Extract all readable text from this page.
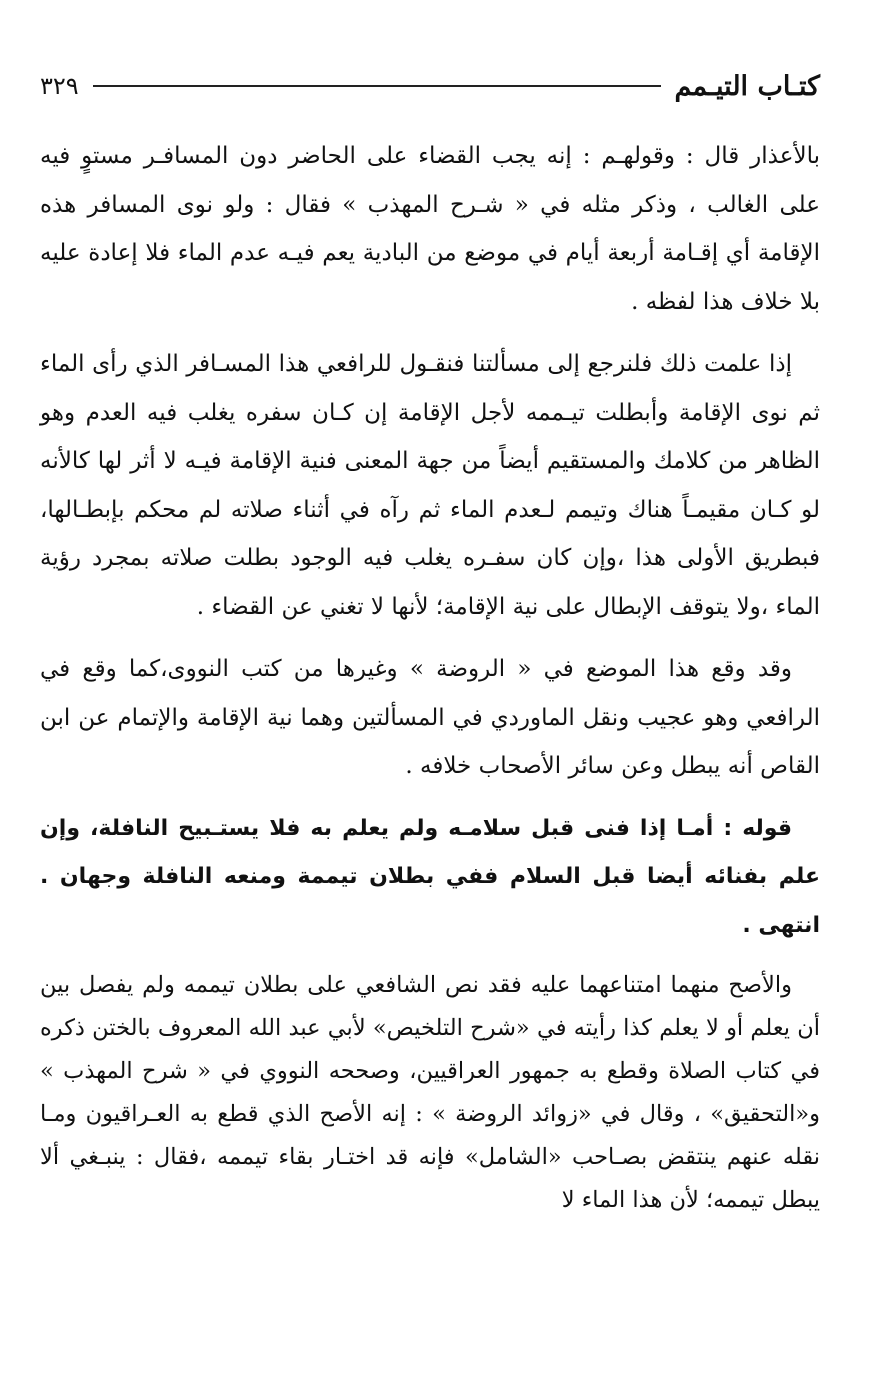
كتـاب التيـمم
٣٢٩

بالأعذار قال : وقولهـم : إنه يجب القضاء على الحاضر دون المسافـر مستوٍ فيه على الغالب ، وذكر مثله في « شـرح المهذب » فقال : ولو نوى المسافر هذه الإقامة أي إقـامة أربعة أيام في موضع من البادية يعم فيـه عدم الماء فلا إعادة عليه بلا خلاف هذا لفظه .

إذا علمت ذلك فلنرجع إلى مسألتنا فنقـول للرافعي هذا المسـافر الذي رأى الماء ثم نوى الإقامة وأبطلت تيـممه لأجل الإقامة إن كـان سفره يغلب فيه العدم وهو الظاهر من كلامك والمستقيم أيضاً من جهة المعنى فنية الإقامة فيـه لا أثر لها كالأنه لو كـان مقيمـاً هناك وتيمم لـعدم الماء ثم رآه في أثناء صلاته لم محكم بإبطـالها، فبطريق الأولى هذا ،وإن كان سفـره يغلب فيه الوجود بطلت صلاته بمجرد رؤية الماء ،ولا يتوقف الإبطال على نية الإقامة؛ لأنها لا تغني عن القضاء .

وقد وقع هذا الموضع في « الروضة » وغيرها من كتب النووى،كما وقع في الرافعي وهو عجيب ونقل الماوردي في المسألتين وهما نية الإقامة والإتمام عن ابن القاص أنه يبطل وعن سائر الأصحاب خلافه .

قوله : أمـا إذا فنى قبل سلامـه ولم يعلم به فلا يستـبيح النافلة، وإن علم بفنائه أيضا قبل السلام ففي بطلان تيممة ومنعه النافلة وجهان . انتهى .

والأصح منهما امتناعهما عليه فقد نص الشافعي على بطلان تيممه ولم يفصل بين أن يعلم أو لا يعلم كذا رأيته في «شرح التلخيص» لأبي عبد الله المعروف بالختن ذكره في كتاب الصلاة وقطع به جمهور العراقيين، وصححه النووي في « شرح المهذب » و«التحقيق» ، وقال في «زوائد الروضة » : إنه الأصح الذي قطع به العـراقيون ومـا نقله عنهم ينتقض بصـاحب «الشامل» فإنه قد اختـار بقاء تيممه ،فقال : ينبـغي ألا يبطل تيممه؛ لأن هذا الماء لا
